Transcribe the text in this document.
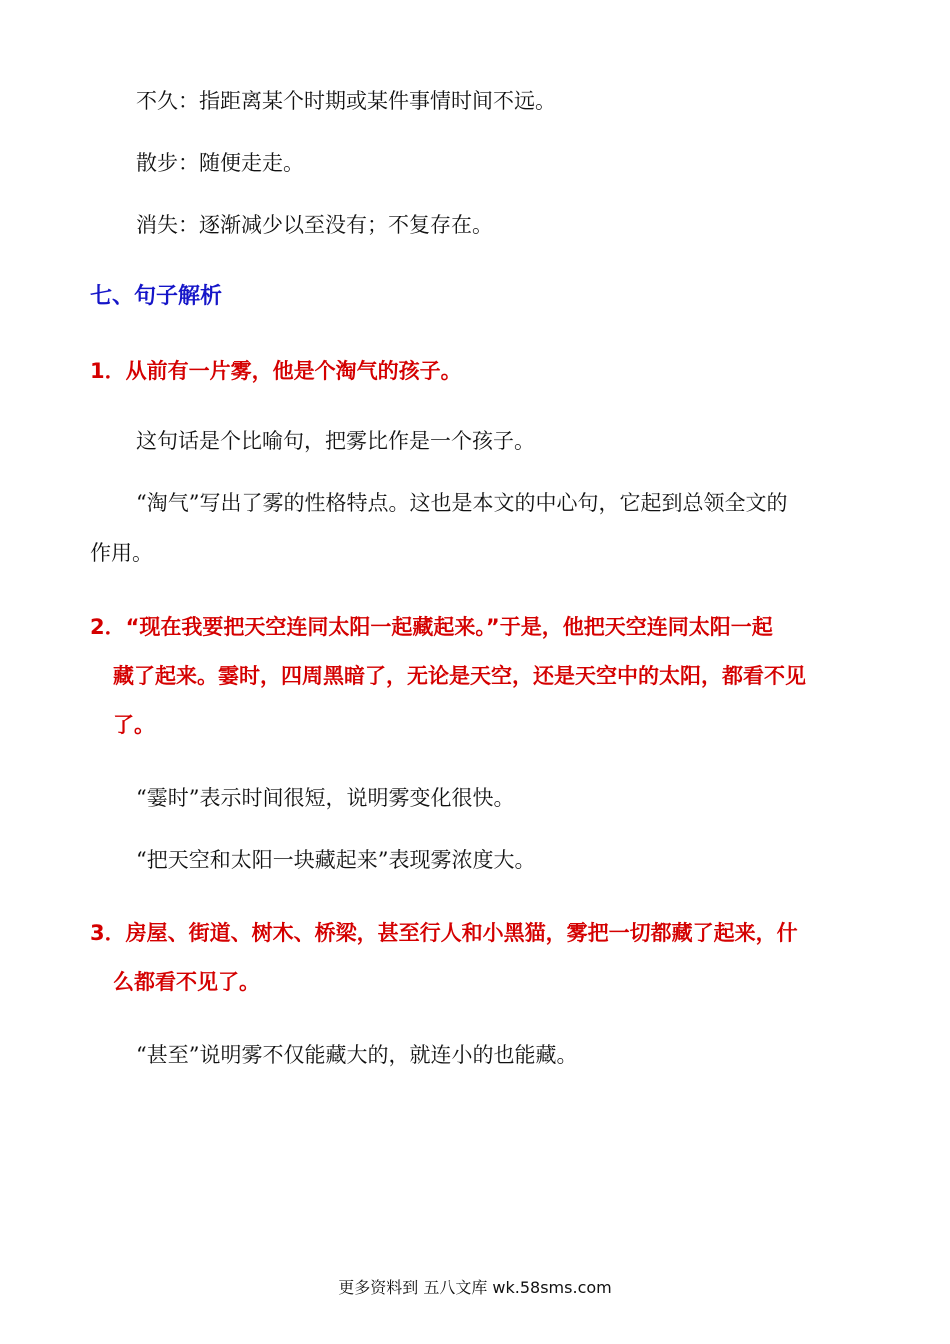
不久：指距离某个时期或某件事情时间不远。
散步：随便走走。
消失：逐渐减少以至没有；不复存在。
七、句子解析
1．从前有一片雾，他是个淘气的孩子。
这句话是个比喻句，把雾比作是一个孩子。
“淘气”写出了雾的性格特点。这也是本文的中心句，它起到总领全文的
作用。
2．“现在我要把天空连同太阳一起藏起来。”于是，他把天空连同太阳一起
藏了起来。霎时，四周黑暗了，无论是天空，还是天空中的太阳，都看不见
了。
“霎时”表示时间很短，说明雾变化很快。
“把天空和太阳一块藏起来”表现雾浓度大。
3．房屋、街道、树木、桥梁，甚至行人和小黑猫，雾把一切都藏了起来，什
么都看不见了。
“甚至”说明雾不仅能藏大的，就连小的也能藏。
更多资料到 五八文库 wk.58sms.com
